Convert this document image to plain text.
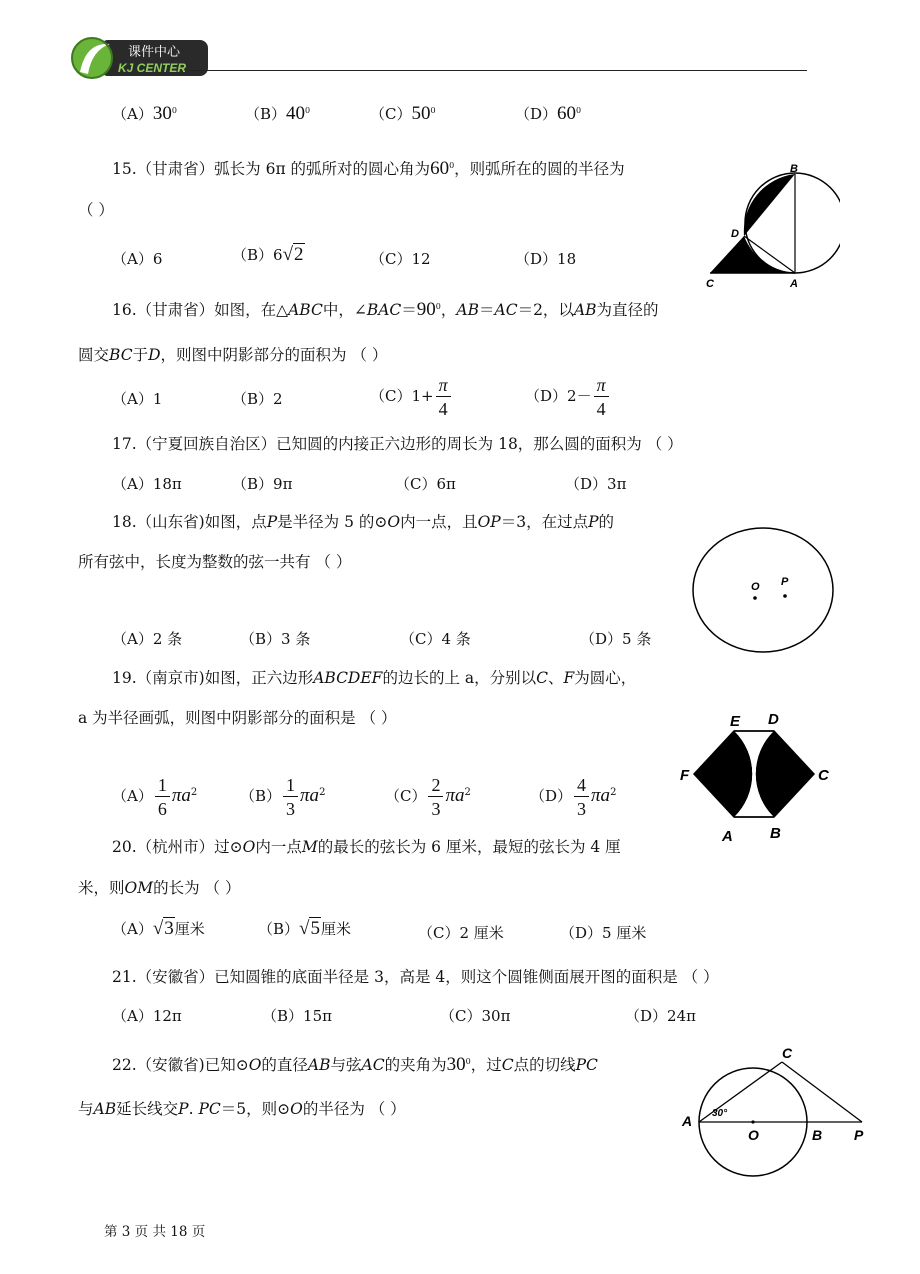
课件中心
KJ CENTER
$(A)30^0$	$(B)40^0$	$(C)50^0$	$(D)60^0$
15.（甘肃省）弧长为 6π 的弧所对的圆心角为$60^0$，则弧所在的圆的半径为
（ ）
（A）6	（B）6√2	（C）12	（D）18
B
D
C	A
16.（甘肃省）如图，在△ABC中，$\angle BAC=90^0$，AB＝AC＝2，以AB为直径的
圆交BC于D，则图中阴影部分的面积为 （ ）
（A）1	（B）2	$(C)1+ \frac{\pi}{4}$	$(D)2- \frac{\pi}{4}$
17.（宁夏回族自治区）已知圆的内接正六边形的周长为 18，那么圆的面积为 （ ）
（A）18π	（B）9π	（C）6π	（D）3π
18.（山东省)如图，点P是半径为 5 的⊙O内一点，且OP＝3，在过点P的
所有弦中，长度为整数的弦一共有 （ ）
O P
（A）2 条	（B）3 条	（C）4 条	（D）5 条
19.（南京市)如图，正六边形ABCDEF的边长的上 a，分别以C、F为圆心，
a 为半径画弧，则图中阴影部分的面积是 （ ）	E D
F	C
A B
$(A) \frac{1}{6} \pi a^2$	$(B) \frac{1}{3} \pi a^2$	$(C) \frac{2}{3} \pi a^2$	$(D) \frac{4}{3} \pi a^2$
20.（杭州市）过⊙O内一点M的最长的弦长为 6 厘米，最短的弦长为 4 厘
米，则OM的长为 （ ）
（A）√3厘米	（B）√5厘米	（C）2 厘米	（D）5 厘米
21.（安徽省）已知圆锥的底面半径是 3，高是 4，则这个圆锥侧面展开图的面积是 （ ）
（A）12π	（B）15π	（C）30π	（D）24π
22.（安徽省)已知⊙O的直径AB与弦AC的夹角为$30^0$，过C点的切线PC
与AB延长线交P. PC＝5，则⊙O的半径为 （ ）
C
A
O	B P
30°
第 3 页 共 18 页
